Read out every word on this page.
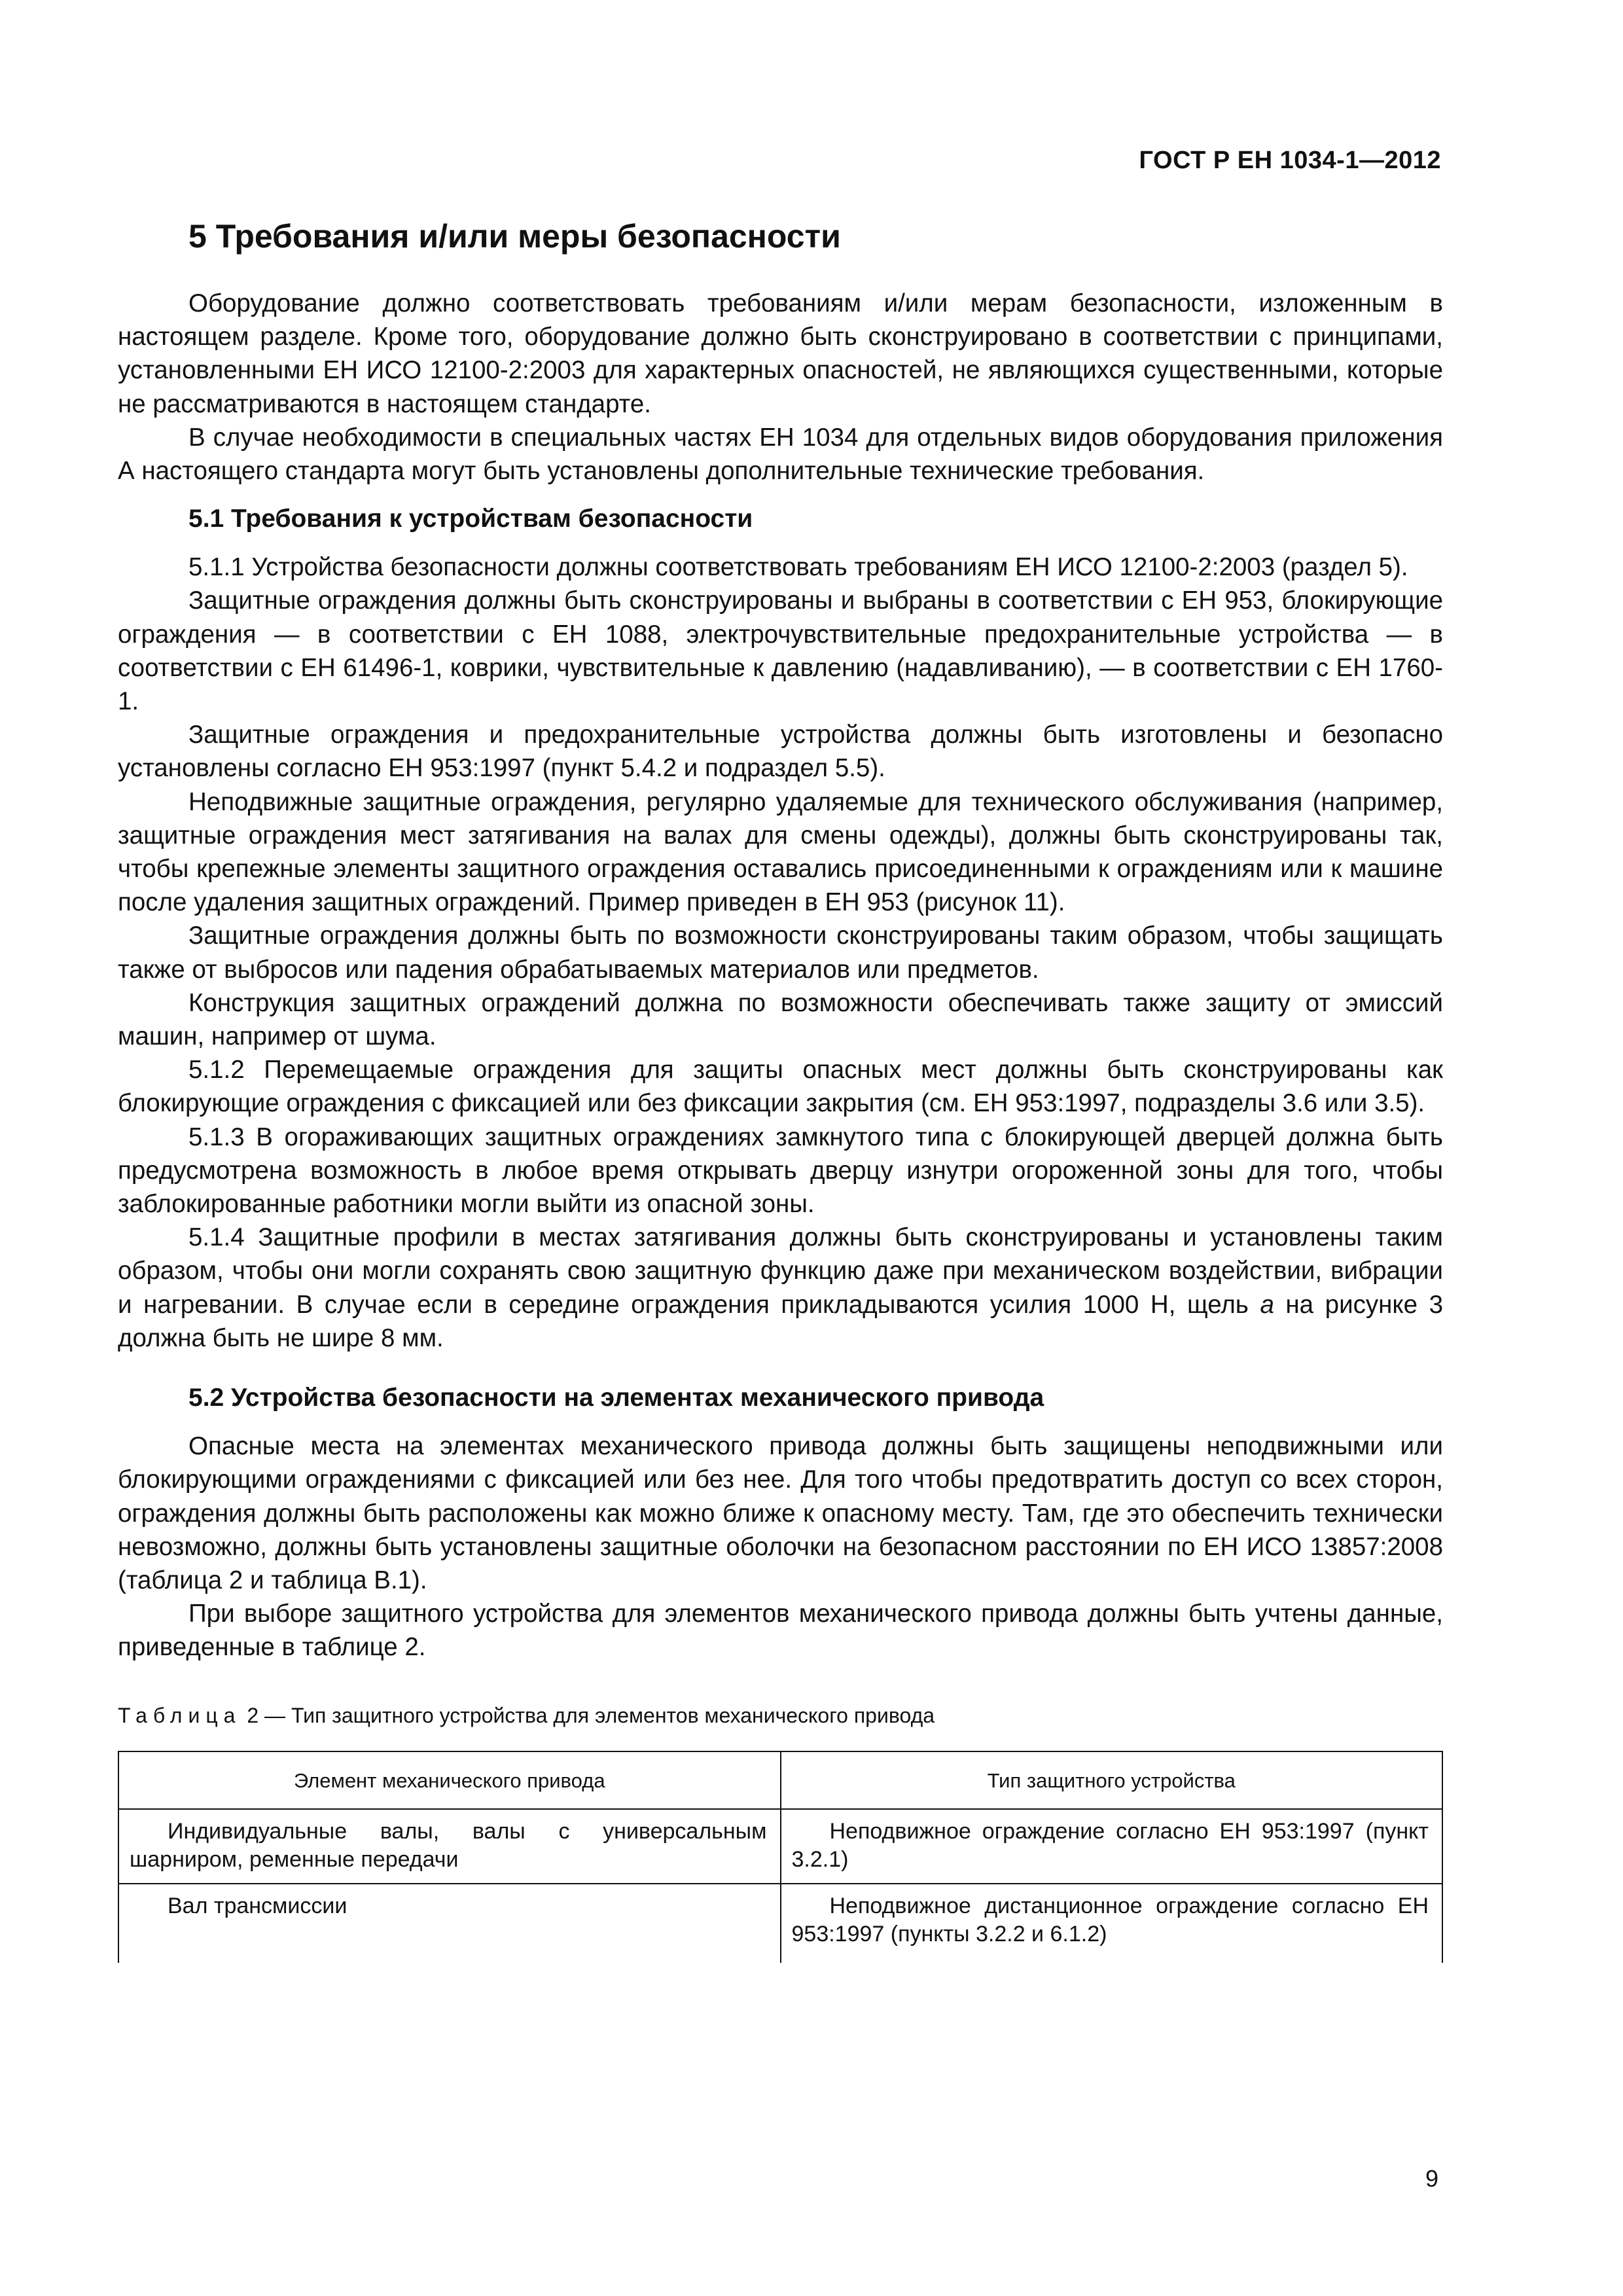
ГОСТ Р ЕН 1034-1—2012
5 Требования и/или меры безопасности

Оборудование должно соответствовать требованиям и/или мерам безопасности, изложенным в настоящем разделе. Кроме того, оборудование должно быть сконструировано в соответствии с принципами, установленными ЕН ИСО 12100-2:2003 для характерных опасностей, не являющихся существенными, которые не рассматриваются в настоящем стандарте.

В случае необходимости в специальных частях ЕН 1034 для отдельных видов оборудования приложения А настоящего стандарта могут быть установлены дополнительные технические требования.

5.1 Требования к устройствам безопасности

5.1.1 Устройства безопасности должны соответствовать требованиям ЕН ИСО 12100-2:2003 (раздел 5).

Защитные ограждения должны быть сконструированы и выбраны в соответствии с ЕН 953, блокирующие ограждения — в соответствии с ЕН 1088, электрочувствительные предохранительные устройства — в соответствии с ЕН 61496-1, коврики, чувствительные к давлению (надавливанию), — в соответствии с ЕН 1760-1.

Защитные ограждения и предохранительные устройства должны быть изготовлены и безопасно установлены согласно ЕН 953:1997 (пункт 5.4.2 и подраздел 5.5).

Неподвижные защитные ограждения, регулярно удаляемые для технического обслуживания (например, защитные ограждения мест затягивания на валах для смены одежды), должны быть сконструированы так, чтобы крепежные элементы защитного ограждения оставались присоединенными к ограждениям или к машине после удаления защитных ограждений. Пример приведен в ЕН 953 (рисунок 11).

Защитные ограждения должны быть по возможности сконструированы таким образом, чтобы защищать также от выбросов или падения обрабатываемых материалов или предметов.

Конструкция защитных ограждений должна по возможности обеспечивать также защиту от эмиссий машин, например от шума.

5.1.2 Перемещаемые ограждения для защиты опасных мест должны быть сконструированы как блокирующие ограждения с фиксацией или без фиксации закрытия (см. ЕН 953:1997, подразделы 3.6 или 3.5).

5.1.3 В огораживающих защитных ограждениях замкнутого типа с блокирующей дверцей должна быть предусмотрена возможность в любое время открывать дверцу изнутри огороженной зоны для того, чтобы заблокированные работники могли выйти из опасной зоны.

5.1.4 Защитные профили в местах затягивания должны быть сконструированы и установлены таким образом, чтобы они могли сохранять свою защитную функцию даже при механическом воздействии, вибрации и нагревании. В случае если в середине ограждения прикладываются усилия 1000 Н, щель а на рисунке 3 должна быть не шире 8 мм.

5.2 Устройства безопасности на элементах механического привода

Опасные места на элементах механического привода должны быть защищены неподвижными или блокирующими ограждениями с фиксацией или без нее. Для того чтобы предотвратить доступ со всех сторон, ограждения должны быть расположены как можно ближе к опасному месту. Там, где это обеспечить технически невозможно, должны быть установлены защитные оболочки на безопасном расстоянии по ЕН ИСО 13857:2008 (таблица 2 и таблица В.1).

При выборе защитного устройства для элементов механического привода должны быть учтены данные, приведенные в таблице 2.

Таблица 2 — Тип защитного устройства для элементов механического привода
Элемент механического привода	Тип защитного устройства
Индивидуальные валы, валы с универсальным шарниром, ременные передачи	Неподвижное ограждение согласно ЕН 953:1997 (пункт 3.2.1)
Вал трансмиссии	Неподвижное дистанционное ограждение согласно ЕН 953:1997 (пункты 3.2.2 и 6.1.2)
9
